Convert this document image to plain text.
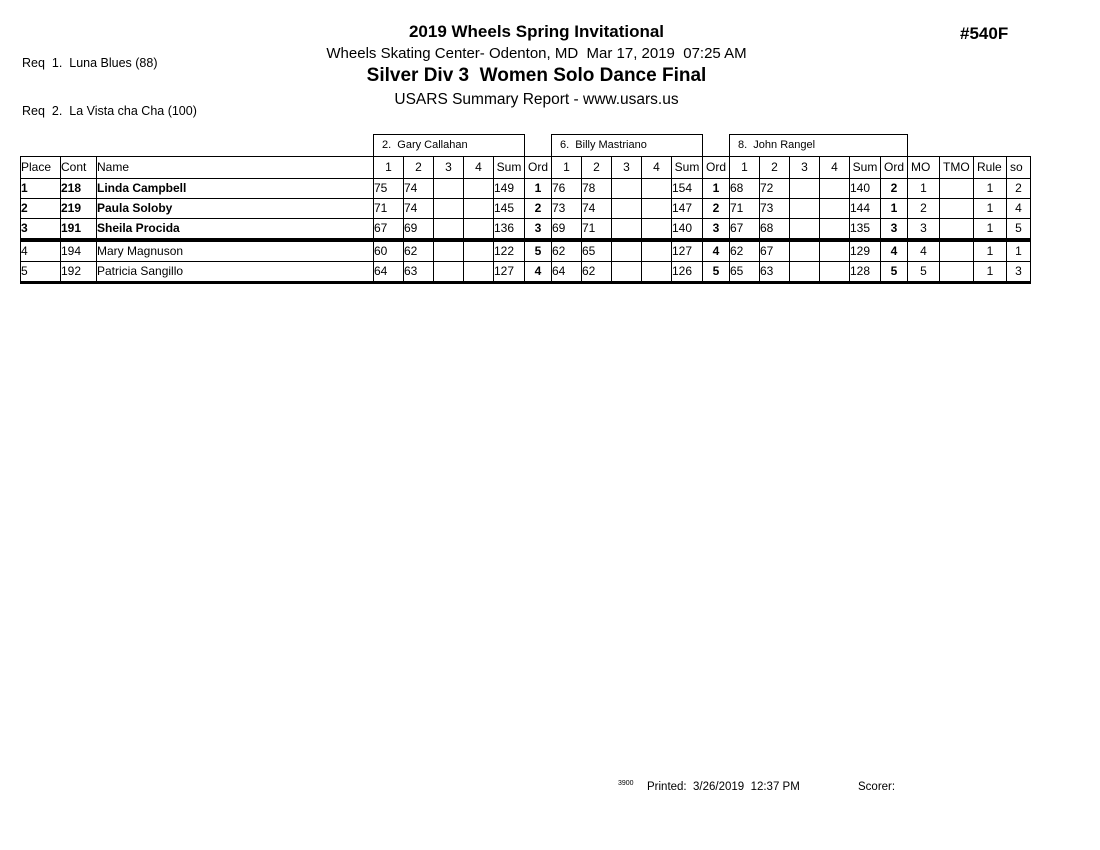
Req  1.  Luna Blues (88)

Req  2.  La Vista cha Cha (100)

#540F
2019 Wheels Spring Invitational
Wheels Skating Center- Odenton, MD  Mar 17, 2019  07:25 AM
Silver Div 3  Women Solo Dance Final
USARS Summary Report - www.usars.us
			2.  Gary Callahan						6.  Billy Mastriano						8.  John Rangel									
Place	Cont	Name	1	2	3	4	Sum	Ord	1	2	3	4	Sum	Ord	1	2	3	4	Sum	Ord	MO	TMO	Rule	so
1	218	Linda Campbell	75	74			149	1	76	78			154	1	68	72			140	2	1		1	2
2	219	Paula Soloby	71	74			145	2	73	74			147	2	71	73			144	1	2		1	4
3	191	Sheila Procida	67	69			136	3	69	71			140	3	67	68			135	3	3		1	5
4	194	Mary Magnuson	60	62			122	5	62	65			127	4	62	67			129	4	4		1	1
5	192	Patricia Sangillo	64	63			127	4	64	62			126	5	65	63			128	5	5		1	3
3900 Printed:  3/26/2019  12:37 PM	Scorer:
